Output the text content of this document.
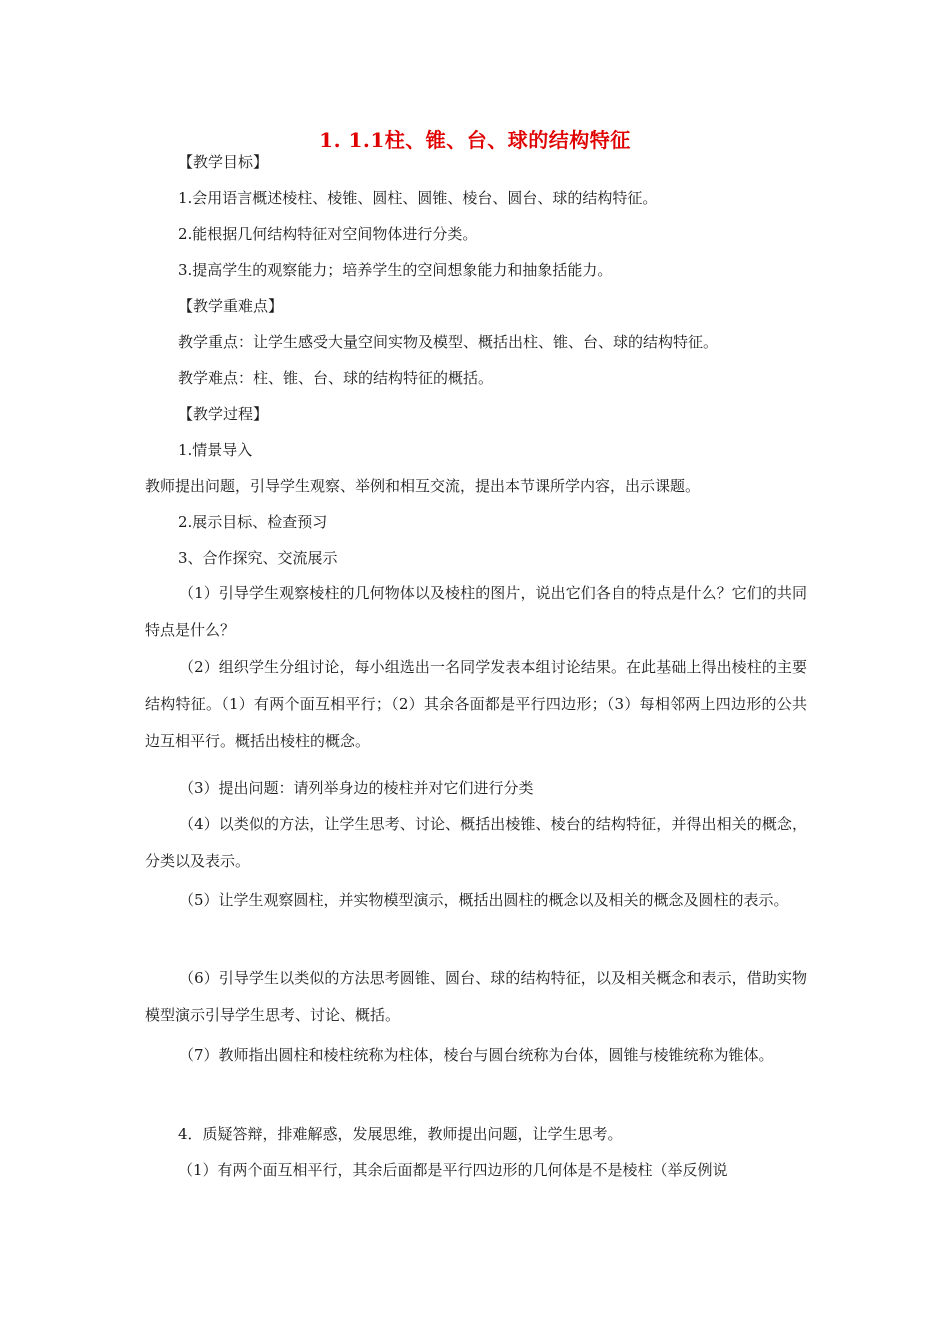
1. 1.1柱、锥、台、球的结构特征
【教学目标】
1.会用语言概述棱柱、棱锥、圆柱、圆锥、棱台、圆台、球的结构特征。
2.能根据几何结构特征对空间物体进行分类。
3.提高学生的观察能力；培养学生的空间想象能力和抽象括能力。
【教学重难点】
教学重点：让学生感受大量空间实物及模型、概括出柱、锥、台、球的结构特征。
教学难点：柱、锥、台、球的结构特征的概括。
【教学过程】
1.情景导入
教师提出问题，引导学生观察、举例和相互交流，提出本节课所学内容，出示课题。
2.展示目标、检查预习
3、合作探究、交流展示
（1）引导学生观察棱柱的几何物体以及棱柱的图片，说出它们各自的特点是什么？它们的共同特点是什么？
（2）组织学生分组讨论，每小组选出一名同学发表本组讨论结果。在此基础上得出棱柱的主要结构特征。（1）有两个面互相平行；（2）其余各面都是平行四边形；（3）每相邻两上四边形的公共边互相平行。概括出棱柱的概念。
（3）提出问题：请列举身边的棱柱并对它们进行分类
（4）以类似的方法，让学生思考、讨论、概括出棱锥、棱台的结构特征，并得出相关的概念，分类以及表示。
（5）让学生观察圆柱，并实物模型演示，概括出圆柱的概念以及相关的概念及圆柱的表示。
（6）引导学生以类似的方法思考圆锥、圆台、球的结构特征，以及相关概念和表示，借助实物模型演示引导学生思考、讨论、概括。
（7）教师指出圆柱和棱柱统称为柱体，棱台与圆台统称为台体，圆锥与棱锥统称为锥体。
4．质疑答辩，排难解惑，发展思维，教师提出问题，让学生思考。
（1）有两个面互相平行，其余后面都是平行四边形的几何体是不是棱柱（举反例说
